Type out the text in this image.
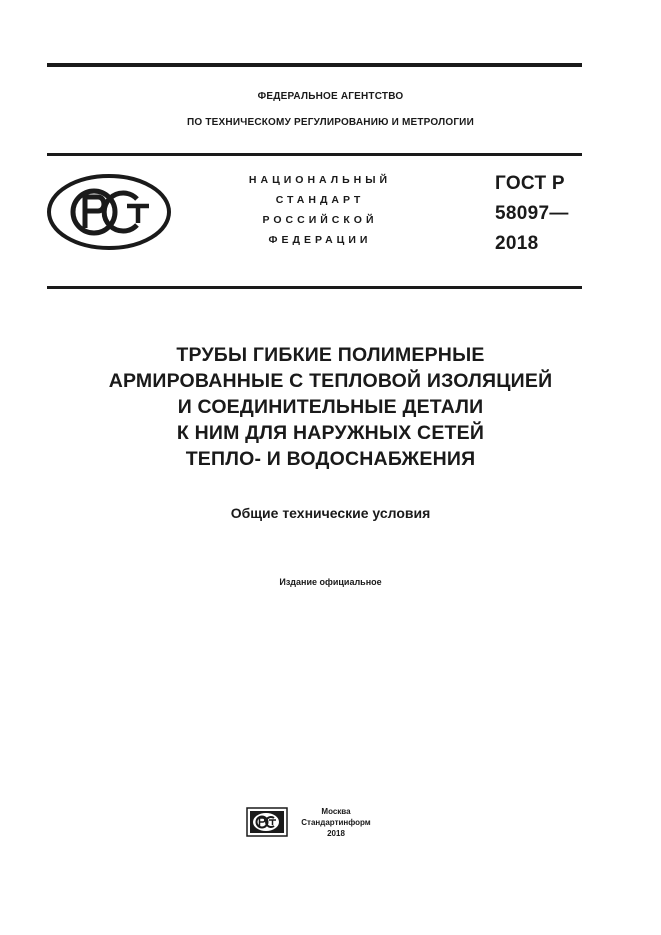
ФЕДЕРАЛЬНОЕ АГЕНТСТВО
ПО ТЕХНИЧЕСКОМУ РЕГУЛИРОВАНИЮ И МЕТРОЛОГИИ
НАЦИОНАЛЬНЫЙ
СТАНДАРТ
РОССИЙСКОЙ
ФЕДЕРАЦИИ
ГОСТ Р
58097—
2018
ТРУБЫ ГИБКИЕ ПОЛИМЕРНЫЕ
АРМИРОВАННЫЕ С ТЕПЛОВОЙ ИЗОЛЯЦИЕЙ
И СОЕДИНИТЕЛЬНЫЕ ДЕТАЛИ
К НИМ ДЛЯ НАРУЖНЫХ СЕТЕЙ
ТЕПЛО- И ВОДОСНАБЖЕНИЯ
Общие технические условия
Издание официальное
Москва
Стандартинформ
2018
